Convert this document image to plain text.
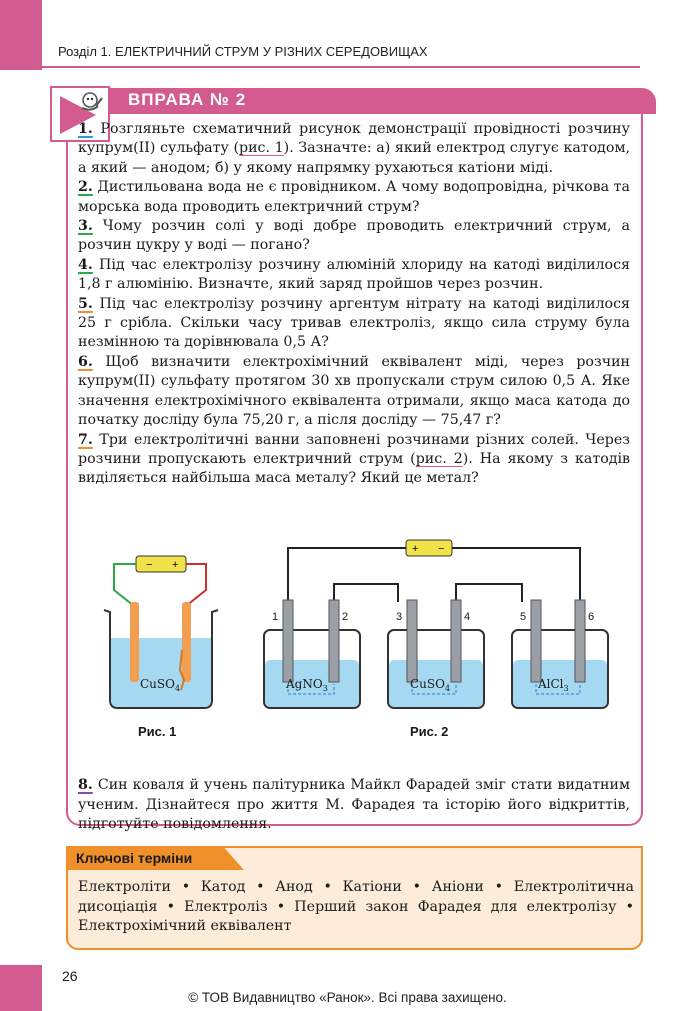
Розділ 1. ЕЛЕКТРИЧНИЙ СТРУМ У РІЗНИХ СЕРЕДОВИЩАХ
ВПРАВА № 2

1. Розгляньте схематичний рисунок демонстрації провідності розчину купрум(ІІ) сульфату (рис. 1). Зазначте: а) який електрод слугує катодом, а який — анодом; б) у якому напрямку рухаються катіони міді.

2. Дистильована вода не є провідником. А чому водопровідна, річкова та морська вода проводить електричний струм?

3. Чому розчин солі у воді добре проводить електричний струм, а розчин цукру у воді — погано?

4. Під час електролізу розчину алюміній хлориду на катоді виділилося 1,8 г алюмінію. Визначте, який заряд пройшов через розчин.

5. Під час електролізу розчину аргентум нітрату на катоді виділилося 25 г срібла. Скільки часу тривав електроліз, якщо сила струму була незмінною та дорівнювала 0,5 А?

6. Щоб визначити електрохімічний еквівалент міді, через розчин купрум(ІІ) сульфату протягом 30 хв пропускали струм силою 0,5 А. Яке значення електрохімічного еквівалента отримали, якщо маса катода до початку досліду була 75,20 г, а після досліду — 75,47 г?

7. Три електролітичні ванни заповнені розчинами різних солей. Через розчини пропускають електричний струм (рис. 2). На якому з катодів виділяється найбільша маса металу? Який це метал?

− +
CuSO$_4$
Рис. 1
+ −
1	2	3	4	5	6
AgNO$_3$	CuSO$_4$	AlCl$_3$
Рис. 2

8. Син коваля й учень палітурника Майкл Фарадей зміг стати видатним ученим. Дізнайтеся про життя М. Фарадея та історію його відкриттів, підготуйте повідомлення.

Ключові терміни
Електроліти • Катод • Анод • Катіони • Аніони • Електролітична дисоціація • Електроліз • Перший закон Фарадея для електролізу • Електрохімічний еквівалент
26
© ТОВ Видавництво «Ранок». Всі права захищено.
